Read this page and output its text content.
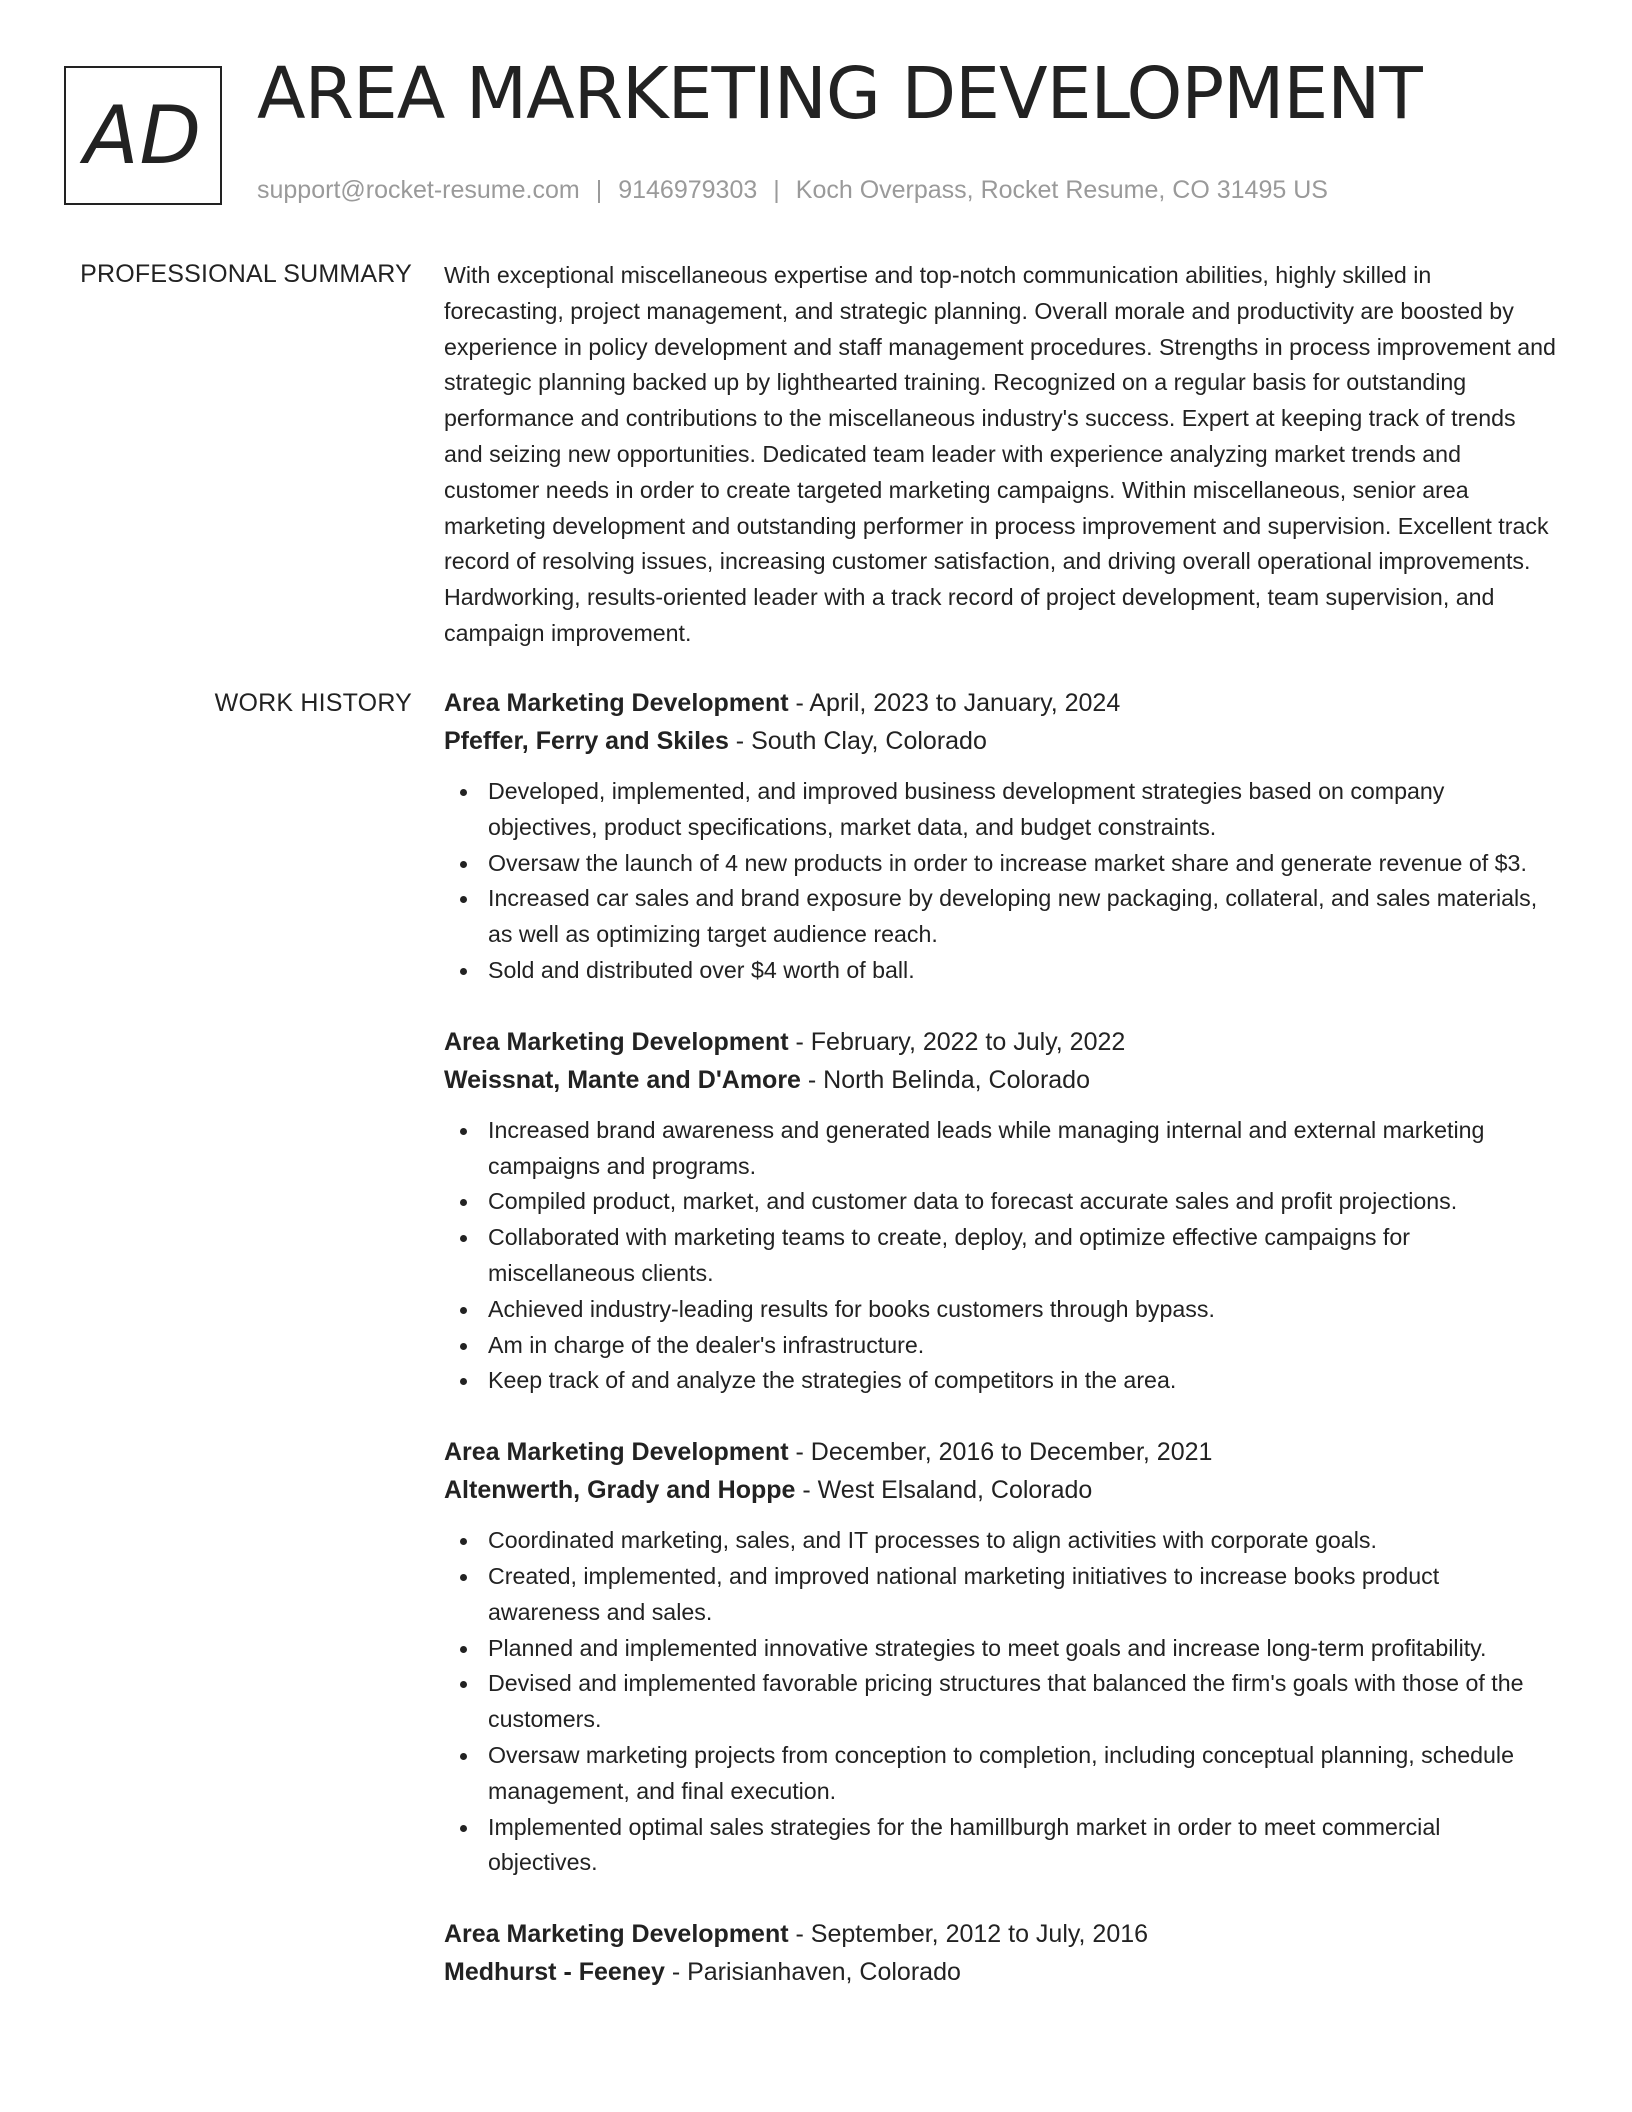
AD AREA MARKETING DEVELOPMENT
support@rocket-resume.com | 9146979303 | Koch Overpass, Rocket Resume, CO 31495 US
PROFESSIONAL SUMMARY With exceptional miscellaneous expertise and top-notch communication abilities, highly skilled in forecasting, project management, and strategic planning. Overall morale and productivity are boosted by experience in policy development and staff management procedures. Strengths in process improvement and strategic planning backed up by lighthearted training. Recognized on a regular basis for outstanding performance and contributions to the miscellaneous industry's success. Expert at keeping track of trends and seizing new opportunities. Dedicated team leader with experience analyzing market trends and customer needs in order to create targeted marketing campaigns. Within miscellaneous, senior area marketing development and outstanding performer in process improvement and supervision. Excellent track record of resolving issues, increasing customer satisfaction, and driving overall operational improvements. Hardworking, results-oriented leader with a track record of project development, team supervision, and campaign improvement.

WORK HISTORY Area Marketing Development - April, 2023 to January, 2024
Pfeffer, Ferry and Skiles - South Clay, Colorado
Developed, implemented, and improved business development strategies based on company objectives, product specifications, market data, and budget constraints.
Oversaw the launch of 4 new products in order to increase market share and generate revenue of $3.
Increased car sales and brand exposure by developing new packaging, collateral, and sales materials, as well as optimizing target audience reach.
Sold and distributed over $4 worth of ball.
Area Marketing Development - February, 2022 to July, 2022
Weissnat, Mante and D'Amore - North Belinda, Colorado
Increased brand awareness and generated leads while managing internal and external marketing campaigns and programs.
Compiled product, market, and customer data to forecast accurate sales and profit projections.
Collaborated with marketing teams to create, deploy, and optimize effective campaigns for miscellaneous clients.
Achieved industry-leading results for books customers through bypass.
Am in charge of the dealer's infrastructure.
Keep track of and analyze the strategies of competitors in the area.
Area Marketing Development - December, 2016 to December, 2021
Altenwerth, Grady and Hoppe - West Elsaland, Colorado
Coordinated marketing, sales, and IT processes to align activities with corporate goals.
Created, implemented, and improved national marketing initiatives to increase books product awareness and sales.
Planned and implemented innovative strategies to meet goals and increase long-term profitability.
Devised and implemented favorable pricing structures that balanced the firm's goals with those of the customers.
Oversaw marketing projects from conception to completion, including conceptual planning, schedule management, and final execution.
Implemented optimal sales strategies for the hamillburgh market in order to meet commercial objectives.
Area Marketing Development - September, 2012 to July, 2016
Medhurst - Feeney - Parisianhaven, Colorado
